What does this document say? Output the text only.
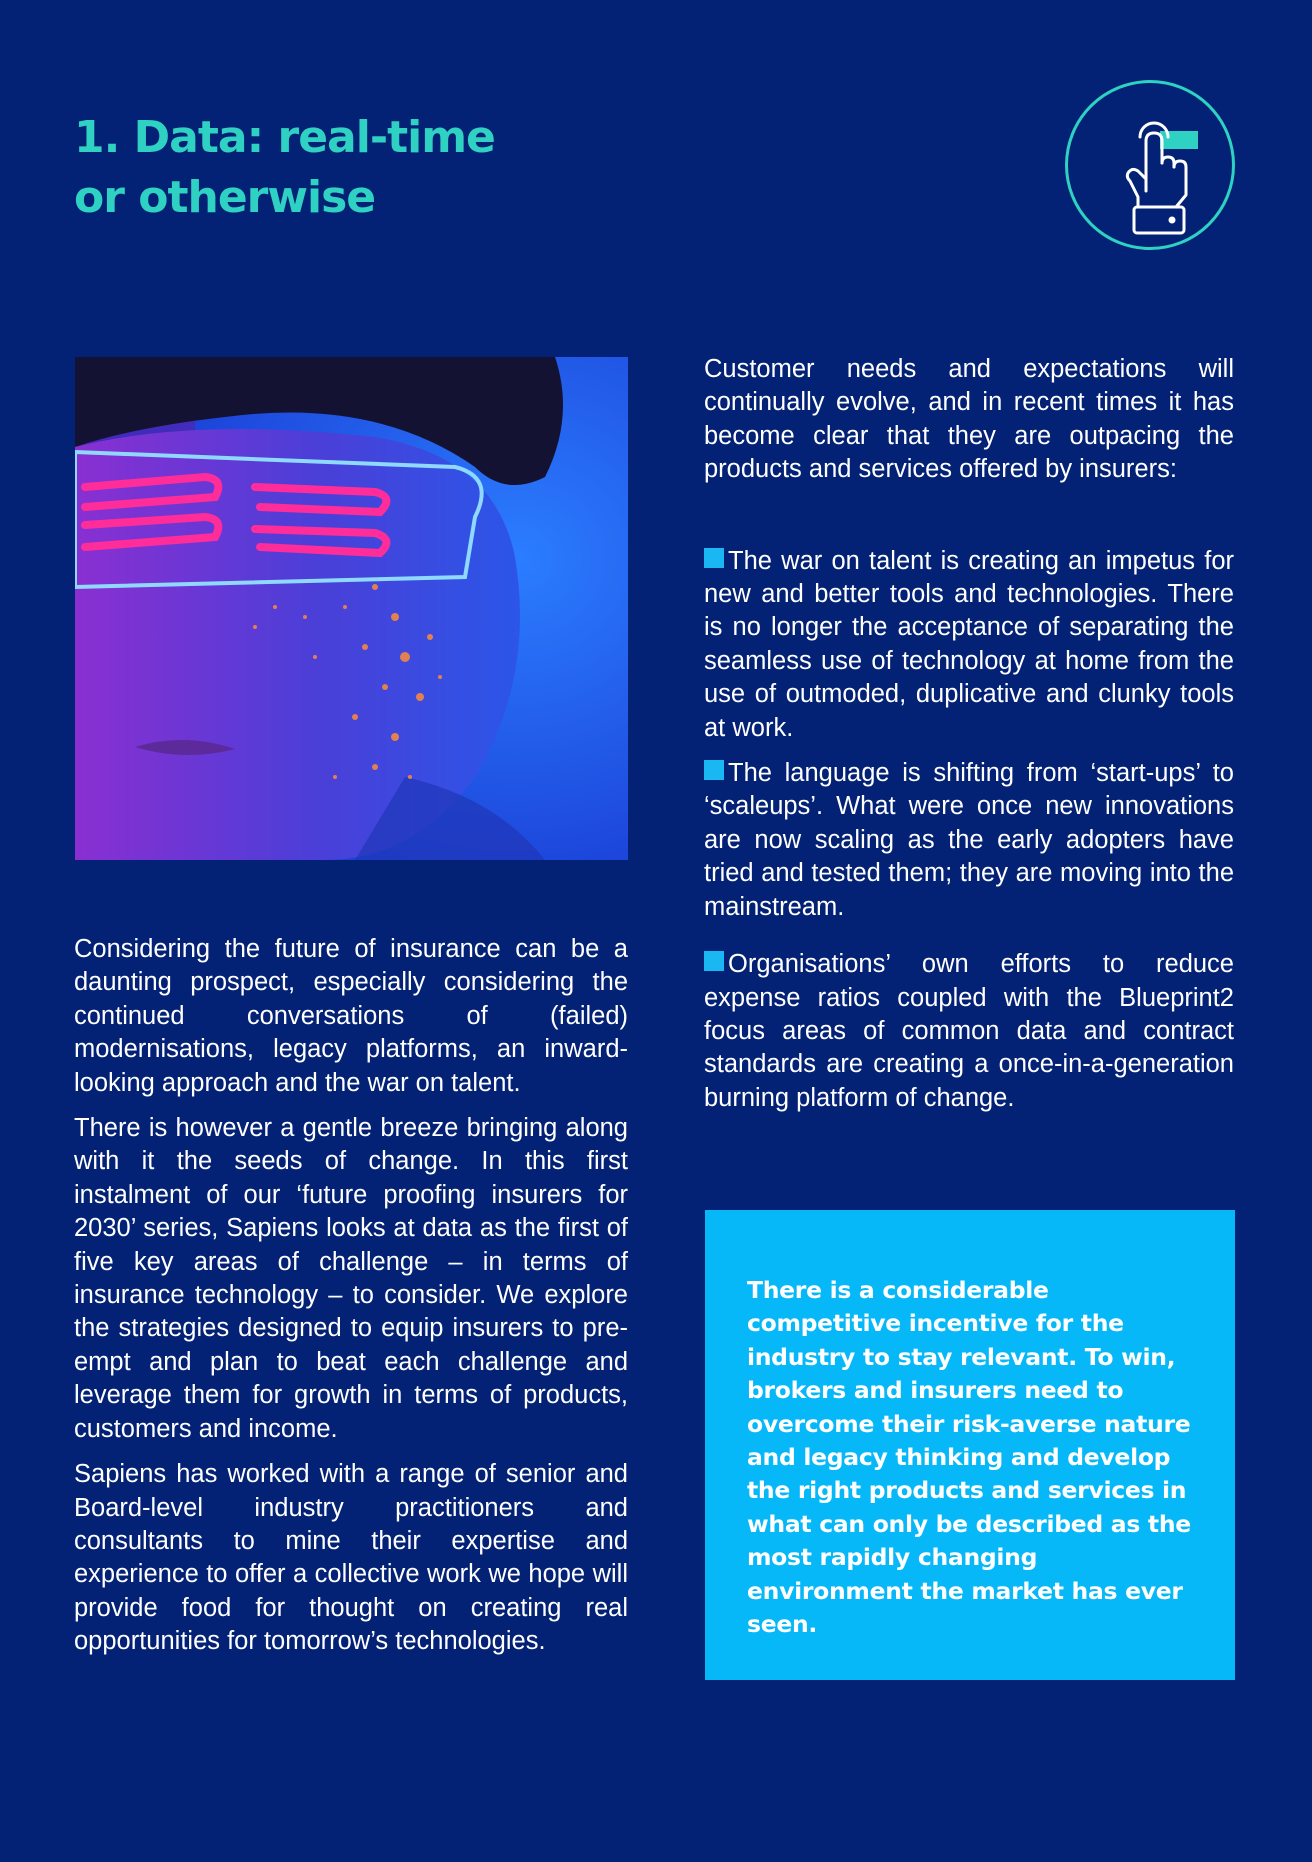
1. Data: real-time
or otherwise

Considering the future of insurance can be a daunting prospect, especially considering the continued conversations of (failed) modernisations, legacy platforms, an inward-looking approach and the war on talent.

There is however a gentle breeze bringing along with it the seeds of change. In this first instalment of our ‘future proofing insurers for 2030’ series, Sapiens looks at data as the first of five key areas of challenge – in terms of insurance technology – to consider. We explore the strategies designed to equip insurers to pre-empt and plan to beat each challenge and leverage them for growth in terms of products, customers and income.

Sapiens has worked with a range of senior and Board-level industry practitioners and consultants to mine their expertise and experience to offer a collective work we hope will provide food for thought on creating real opportunities for tomorrow’s technologies.

Customer needs and expectations will continually evolve, and in recent times it has become clear that they are outpacing the products and services offered by insurers:

The war on talent is creating an impetus for new and better tools and technologies. There is no longer the acceptance of separating the seamless use of technology at home from the use of outmoded, duplicative and clunky tools at work.

The language is shifting from ‘start-ups’ to ‘scaleups’. What were once new innovations are now scaling as the early adopters have tried and tested them; they are moving into the mainstream.

Organisations’ own efforts to reduce expense ratios coupled with the Blueprint2 focus areas of common data and contract standards are creating a once-in-a-generation burning platform of change.

There is a considerable competitive incentive for the industry to stay relevant. To win, brokers and insurers need to overcome their risk-averse nature and legacy thinking and develop the right products and services in what can only be described as the most rapidly changing environment the market has ever seen.
